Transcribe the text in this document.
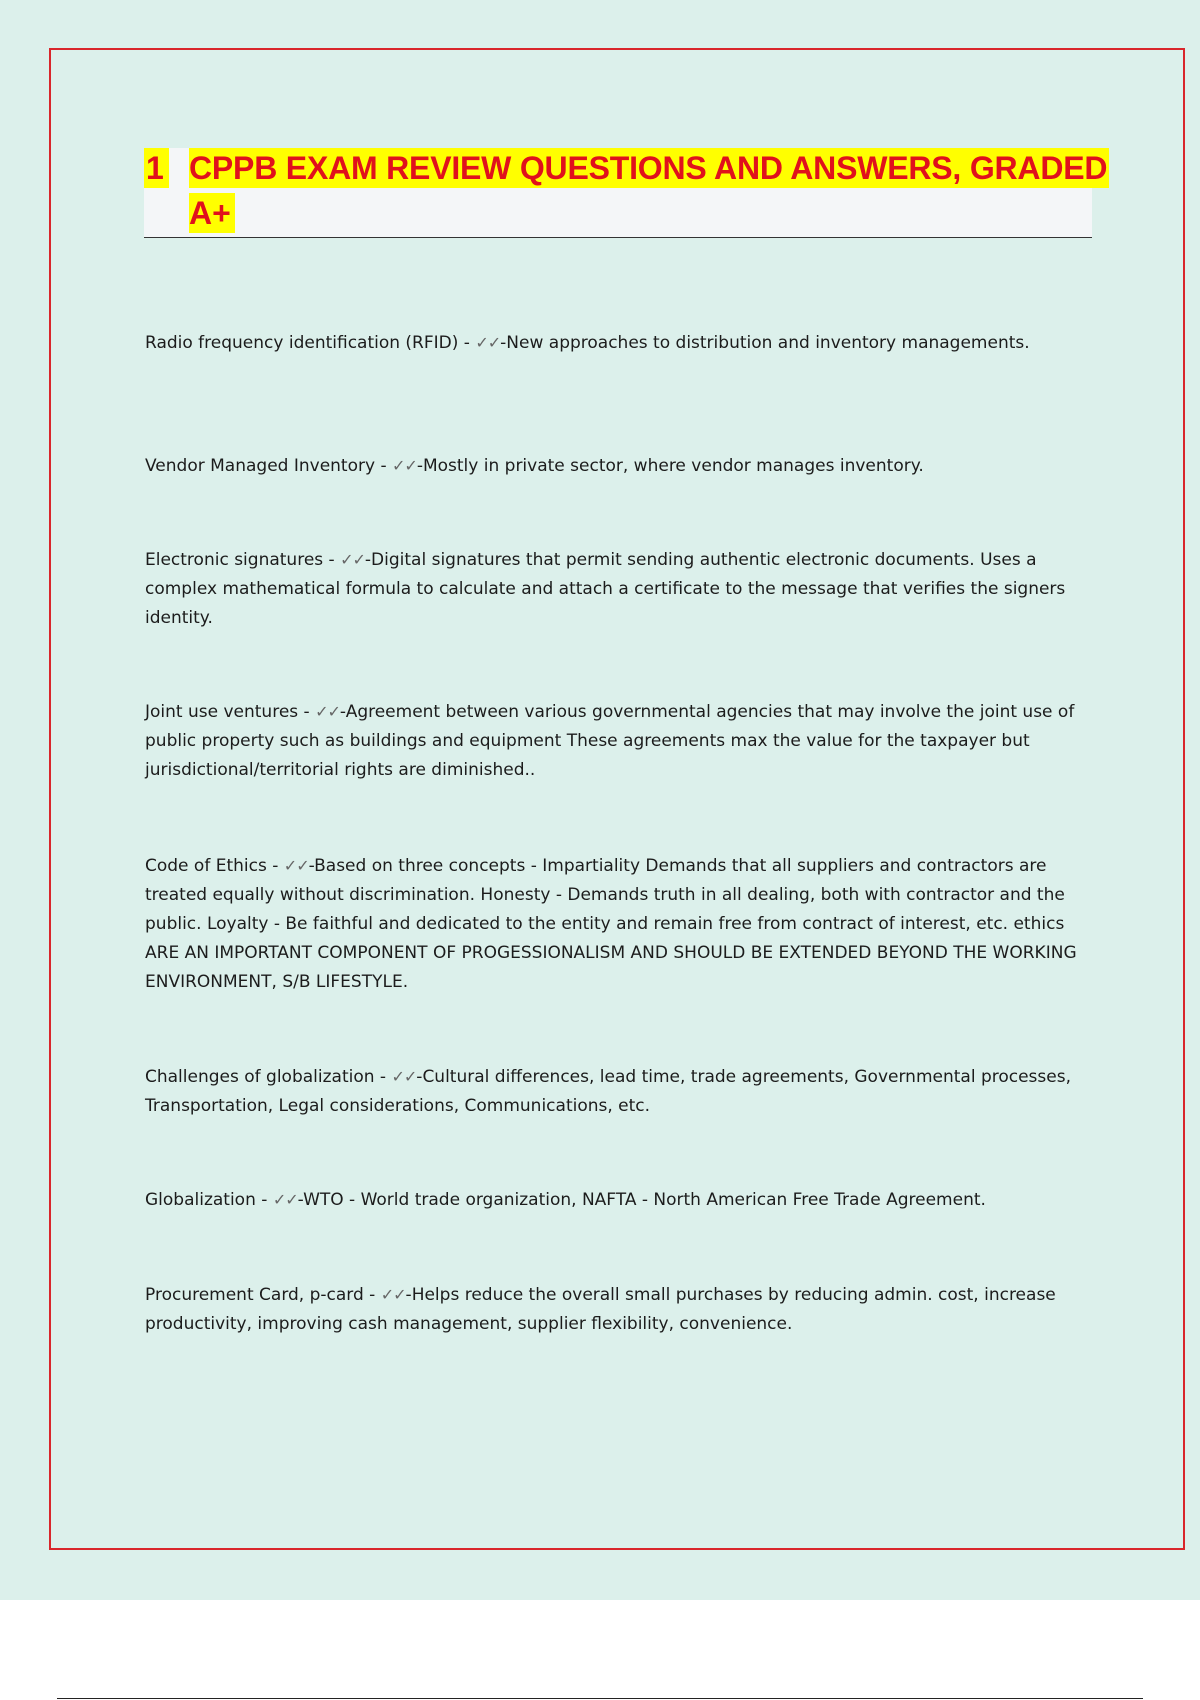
1 CPPB EXAM REVIEW QUESTIONS AND ANSWERS, GRADED
A+
Radio frequency identification (RFID) - ✓✓-New approaches to distribution and inventory managements.
Vendor Managed Inventory - ✓✓-Mostly in private sector, where vendor manages inventory.
Electronic signatures - ✓✓-Digital signatures that permit sending authentic electronic documents. Uses a complex mathematical formula to calculate and attach a certificate to the message that verifies the signers identity.
Joint use ventures - ✓✓-Agreement between various governmental agencies that may involve the joint use of public property such as buildings and equipment These agreements max the value for the taxpayer but jurisdictional/territorial rights are diminished..
Code of Ethics - ✓✓-Based on three concepts - Impartiality Demands that all suppliers and contractors are treated equally without discrimination. Honesty - Demands truth in all dealing, both with contractor and the public. Loyalty - Be faithful and dedicated to the entity and remain free from contract of interest, etc. ethics ARE AN IMPORTANT COMPONENT OF PROGESSIONALISM AND SHOULD BE EXTENDED BEYOND THE WORKING ENVIRONMENT, S/B LIFESTYLE.
Challenges of globalization - ✓✓-Cultural differences, lead time, trade agreements, Governmental processes, Transportation, Legal considerations, Communications, etc.
Globalization - ✓✓-WTO - World trade organization, NAFTA - North American Free Trade Agreement.
Procurement Card, p-card - ✓✓-Helps reduce the overall small purchases by reducing admin. cost, increase productivity, improving cash management, supplier flexibility, convenience.
